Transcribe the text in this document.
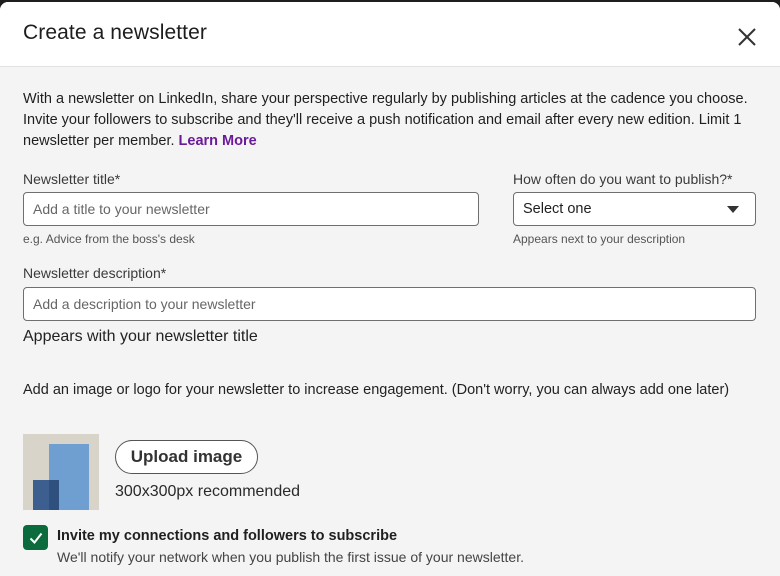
Create a newsletter
With a newsletter on LinkedIn, share your perspective regularly by publishing articles at the cadence you choose. Invite your followers to subscribe and they'll receive a push notification and email after every new edition. Limit 1 newsletter per member. Learn More
Newsletter title*
Add a title to your newsletter
e.g. Advice from the boss's desk
How often do you want to publish?*
Select one
Appears next to your description
Newsletter description*
Add a description to your newsletter
Appears with your newsletter title
Add an image or logo for your newsletter to increase engagement. (Don't worry, you can always add one later)
Upload image
300x300px recommended
Invite my connections and followers to subscribe
We'll notify your network when you publish the first issue of your newsletter.
